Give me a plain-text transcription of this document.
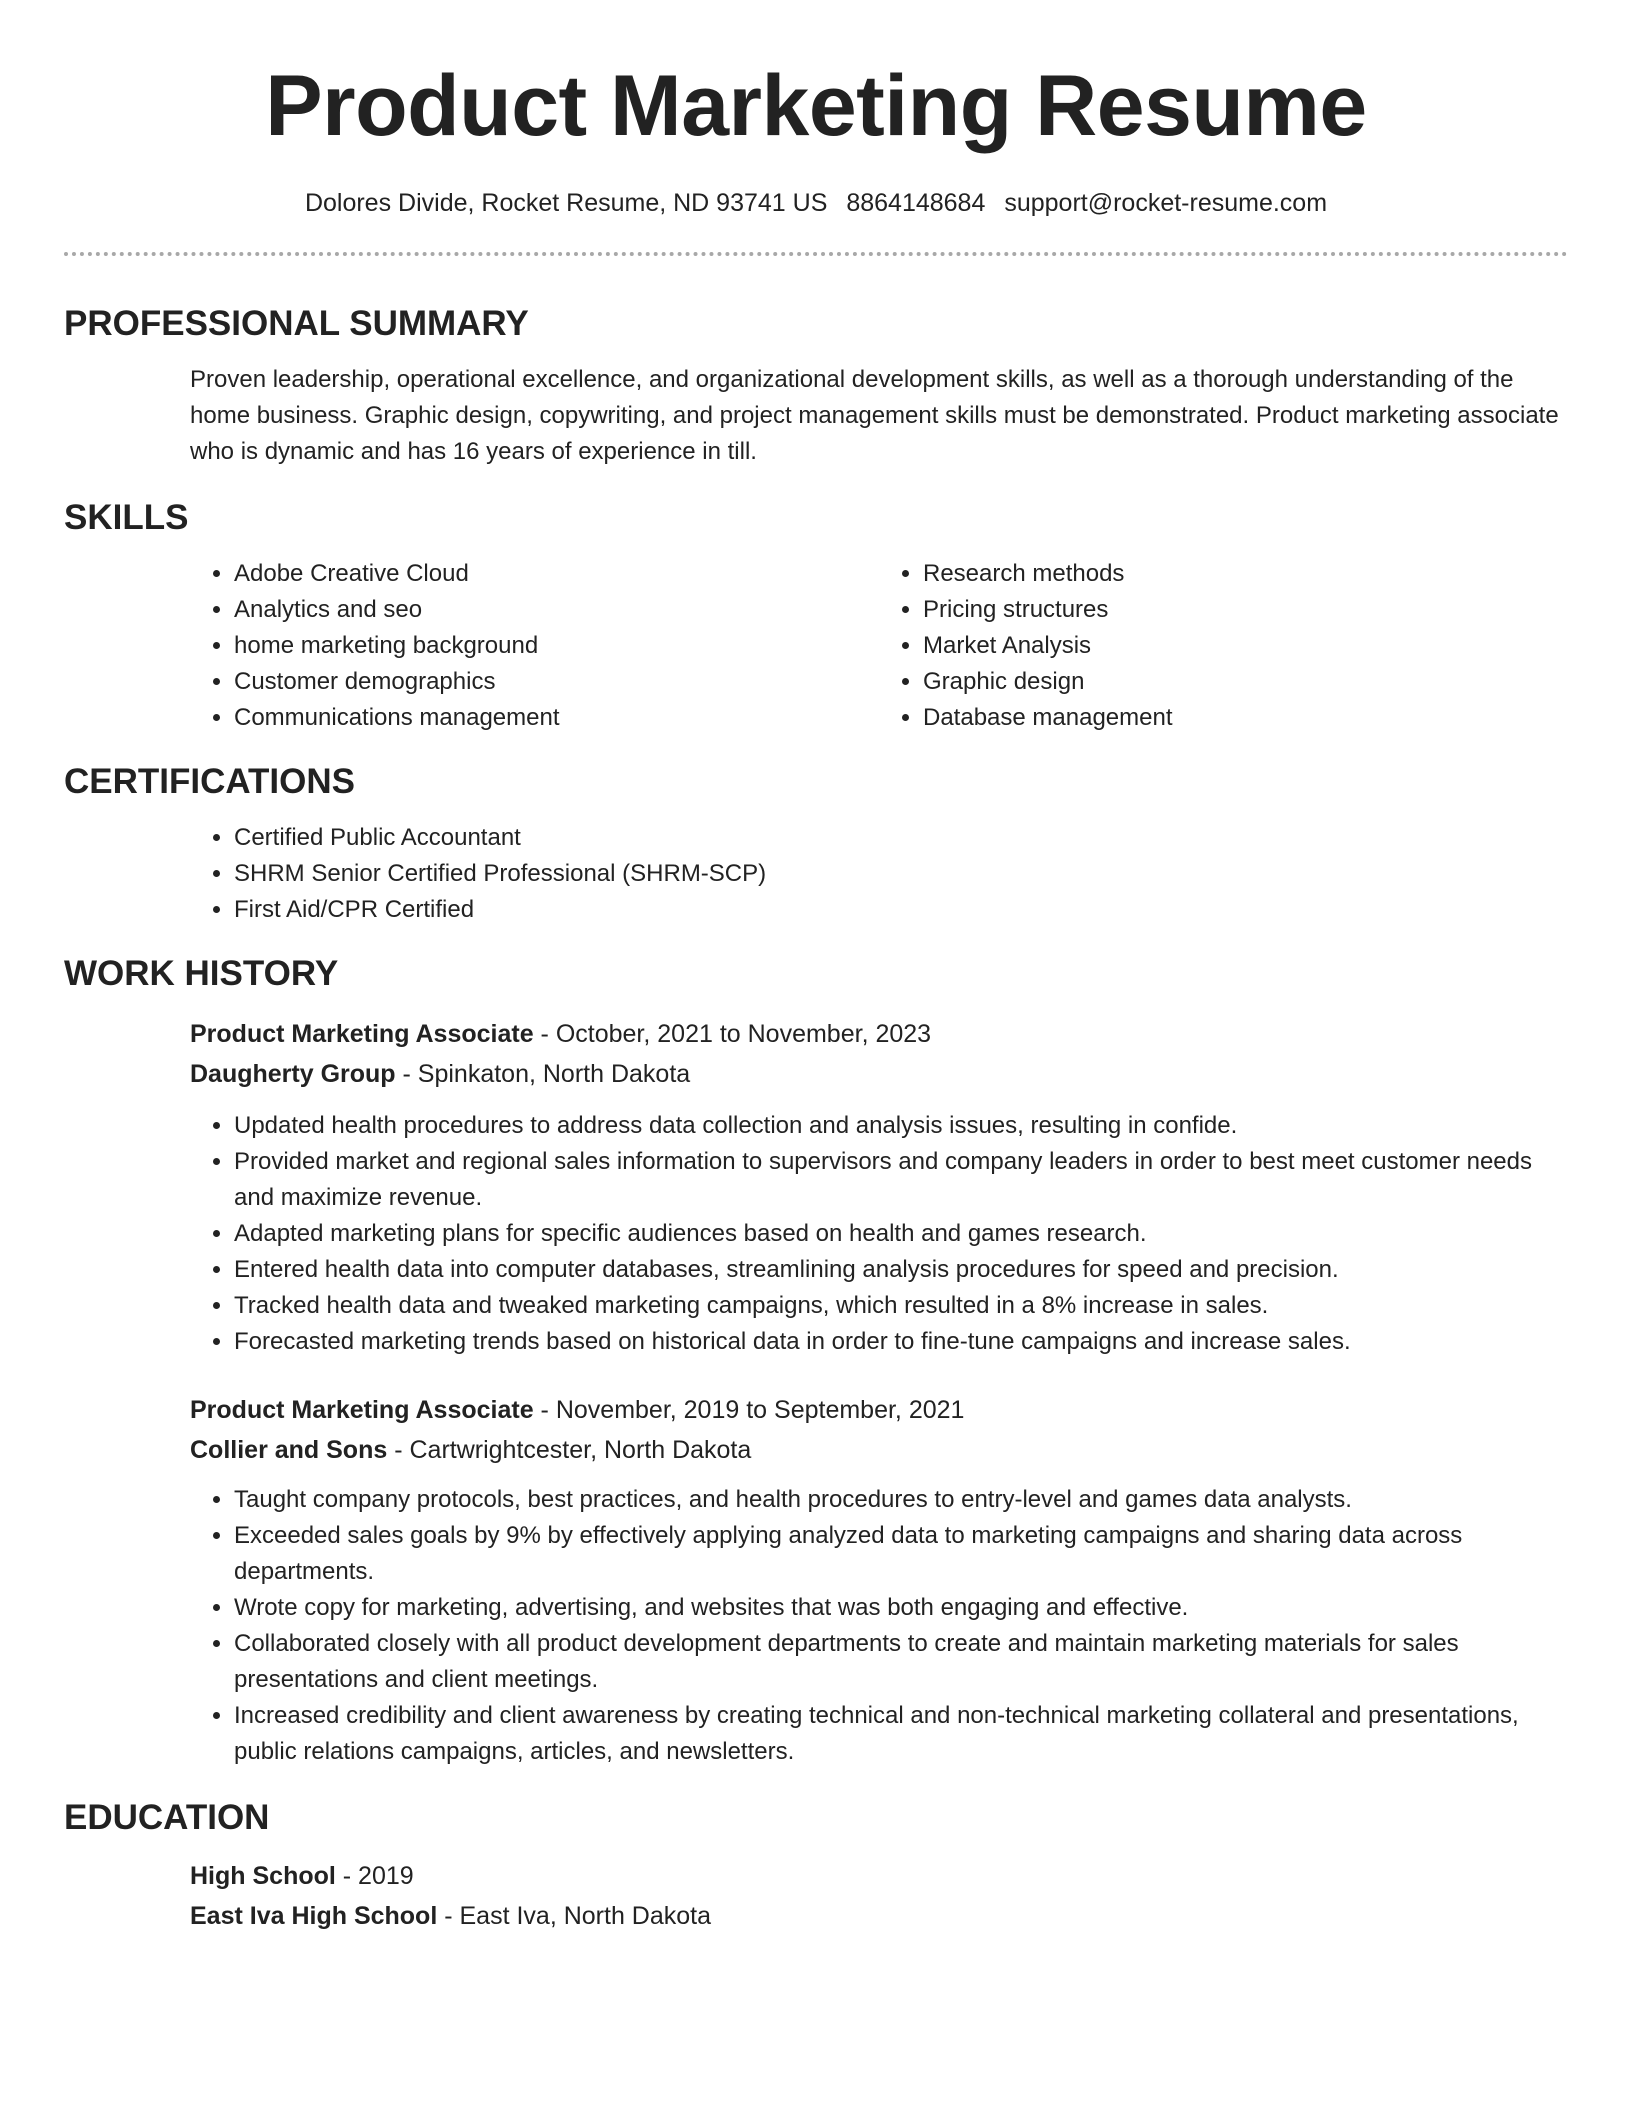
Product Marketing Resume
Dolores Divide, Rocket Resume, ND 93741 US 8864148684 support@rocket-resume.com
PROFESSIONAL SUMMARY

Proven leadership, operational excellence, and organizational development skills, as well as a thorough understanding of the home business. Graphic design, copywriting, and project management skills must be demonstrated. Product marketing associate who is dynamic and has 16 years of experience in till.

SKILLS
• Adobe Creative Cloud
• Analytics and seo
• home marketing background
• Customer demographics
• Communications management
• Research methods
• Pricing structures
• Market Analysis
• Graphic design
• Database management
CERTIFICATIONS
• Certified Public Accountant
• SHRM Senior Certified Professional (SHRM-SCP)
• First Aid/CPR Certified
WORK HISTORY
Product Marketing Associate - October, 2021 to November, 2023
Daugherty Group - Spinkaton, North Dakota
• Updated health procedures to address data collection and analysis issues, resulting in confide.
• Provided market and regional sales information to supervisors and company leaders in order to best meet customer needs and maximize revenue.
• Adapted marketing plans for specific audiences based on health and games research.
• Entered health data into computer databases, streamlining analysis procedures for speed and precision.
• Tracked health data and tweaked marketing campaigns, which resulted in a 8% increase in sales.
• Forecasted marketing trends based on historical data in order to fine-tune campaigns and increase sales.
Product Marketing Associate - November, 2019 to September, 2021
Collier and Sons - Cartwrightcester, North Dakota
• Taught company protocols, best practices, and health procedures to entry-level and games data analysts.
• Exceeded sales goals by 9% by effectively applying analyzed data to marketing campaigns and sharing data across departments.
• Wrote copy for marketing, advertising, and websites that was both engaging and effective.
• Collaborated closely with all product development departments to create and maintain marketing materials for sales presentations and client meetings.
• Increased credibility and client awareness by creating technical and non-technical marketing collateral and presentations, public relations campaigns, articles, and newsletters.
EDUCATION
High School - 2019
East Iva High School - East Iva, North Dakota
